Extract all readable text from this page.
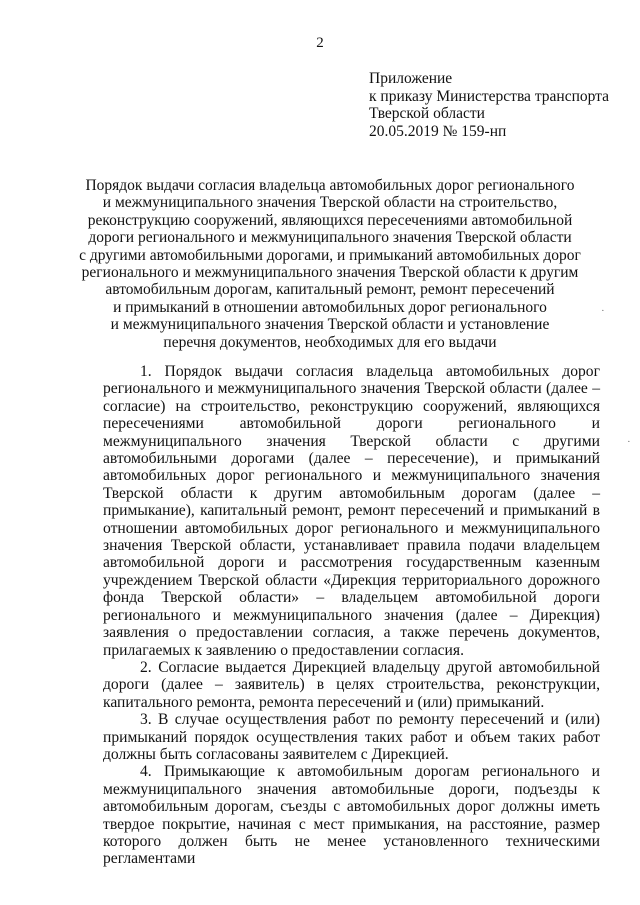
2
Приложение
к приказу Министерства транспорта
Тверской области
20.05.2019 № 159-нп
Порядок выдачи согласия владельца автомобильных дорог регионального
и межмуниципального значения Тверской области на строительство,
реконструкцию сооружений, являющихся пересечениями автомобильной
дороги регионального и межмуниципального значения Тверской области
с другими автомобильными дорогами, и примыканий автомобильных дорог
регионального и межмуниципального значения Тверской области к другим
автомобильным дорогам, капитальный ремонт, ремонт пересечений
и примыканий в отношении автомобильных дорог регионального
и межмуниципального значения Тверской области и установление
перечня документов, необходимых для его выдачи

1. Порядок выдачи согласия владельца автомобильных дорог регионального и межмуниципального значения Тверской области (далее – согласие) на строительство, реконструкцию сооружений, являющихся пересечениями автомобильной дороги регионального и межмуниципального значения Тверской области с другими автомобильными дорогами (далее – пересечение), и примыканий автомобильных дорог регионального и межмуниципального значения Тверской области к другим автомобильным дорогам (далее – примыкание), капитальный ремонт, ремонт пересечений и примыканий в отношении автомобильных дорог регионального и межмуниципального значения Тверской области, устанавливает правила подачи владельцем автомобильной дороги и рассмотрения государственным казенным учреждением Тверской области «Дирекция территориального дорожного фонда Тверской области» – владельцем автомобильной дороги регионального и межмуниципального значения (далее – Дирекция) заявления о предоставлении согласия, а также перечень документов, прилагаемых к заявлению о предоставлении согласия.

2. Согласие выдается Дирекцией владельцу другой автомобильной дороги (далее – заявитель) в целях строительства, реконструкции, капитального ремонта, ремонта пересечений и (или) примыканий.

3. В случае осуществления работ по ремонту пересечений и (или) примыканий порядок осуществления таких работ и объем таких работ должны быть согласованы заявителем с Дирекцией.

4. Примыкающие к автомобильным дорогам регионального и межмуниципального значения автомобильные дороги, подъезды к автомобильным дорогам, съезды с автомобильных дорог должны иметь твердое покрытие, начиная с мест примыкания, на расстояние, размер которого должен быть не менее установленного техническими регламентами

·
·
